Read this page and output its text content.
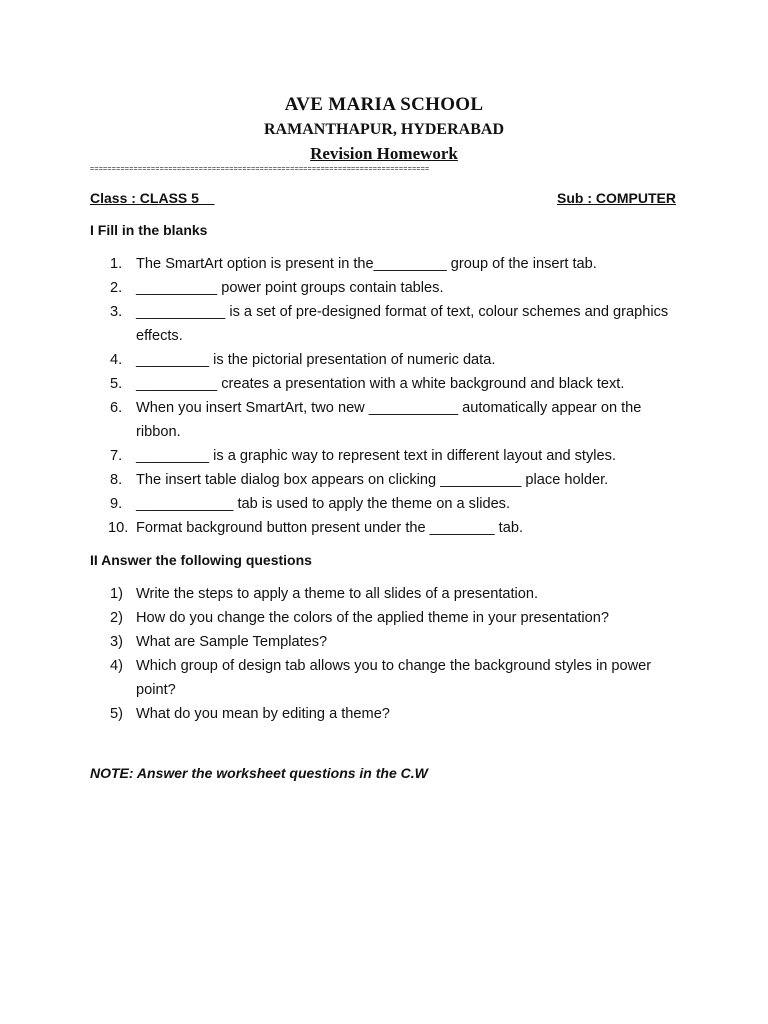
AVE MARIA SCHOOL
RAMANTHAPUR, HYDERABAD
Revision Homework
==============================================================================
Class : CLASS 5	Sub : COMPUTER
I Fill in the blanks
1. The SmartArt option is present in the_________ group of the insert tab.
2. __________ power point groups contain tables.
3. ___________ is a set of pre-designed format of text, colour schemes and graphics effects.
4. _________ is the pictorial presentation of numeric data.
5. __________ creates a presentation with a white background and black text.
6. When you insert SmartArt, two new ___________ automatically appear on the ribbon.
7. _________ is a graphic way to represent text in different layout and styles.
8. The insert table dialog box appears on clicking __________ place holder.
9. ____________ tab is used to apply the theme on a slides.
10. Format background button present under the ________ tab.
II Answer the following questions
1) Write the steps to apply a theme to all slides of a presentation.
2) How do you change the colors of the applied theme in your presentation?
3) What are Sample Templates?
4) Which group of design tab allows you to change the background styles in power point?
5) What do you mean by editing a theme?
NOTE: Answer the worksheet questions in the C.W
